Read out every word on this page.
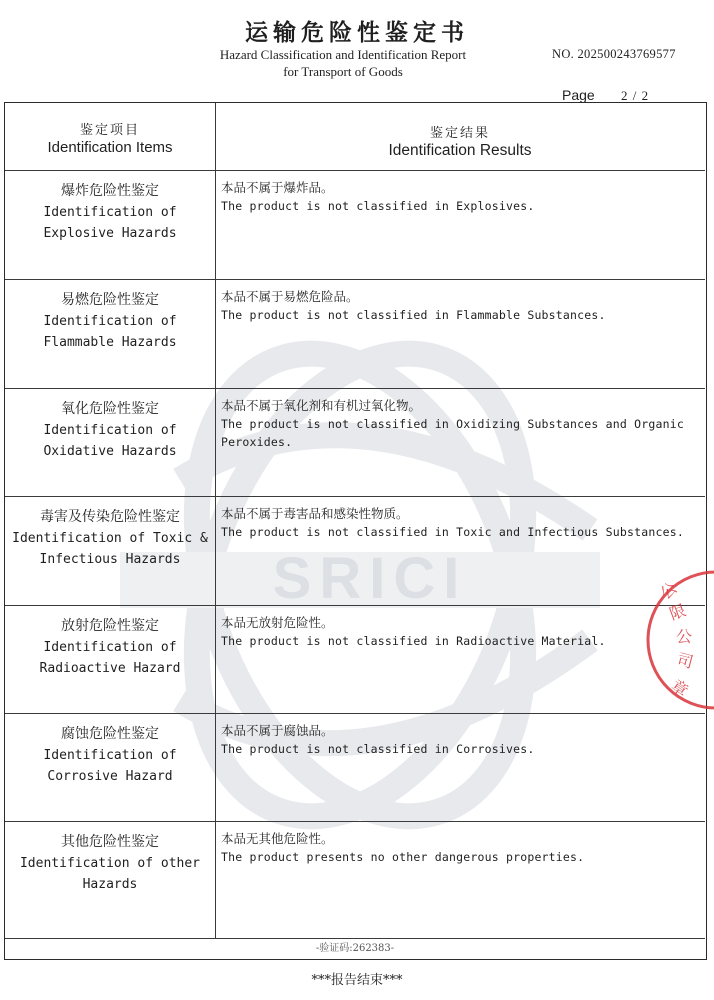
运输危险性鉴定书
Hazard Classification and Identification Report
for Transport of Goods
NO. 202500243769577
Page 2 / 2
SRICI
鉴定项目
Identification Items
鉴定结果
Identification Results
爆炸危险性鉴定
Identification of
Explosive Hazards
本品不属于爆炸品。
The product is not classified in Explosives.
易燃危险性鉴定
Identification of
Flammable Hazards
本品不属于易燃危险品。
The product is not classified in Flammable Substances.
氧化危险性鉴定
Identification of
Oxidative Hazards
本品不属于氧化剂和有机过氧化物。
The product is not classified in Oxidizing Substances and Organic
Peroxides.
毒害及传染危险性鉴定
Identification of Toxic &
Infectious Hazards
本品不属于毒害品和感染性物质。
The product is not classified in Toxic and Infectious Substances.
放射危险性鉴定
Identification of
Radioactive Hazard
本品无放射危险性。
The product is not classified in Radioactive Material.
腐蚀危险性鉴定
Identification of
Corrosive Hazard
本品不属于腐蚀品。
The product is not classified in Corrosives.
其他危险性鉴定
Identification of other
Hazards
本品无其他危险性。
The product presents no other dangerous properties.
-验证码:262383-
公
限
公
司
章
***报告结束***
